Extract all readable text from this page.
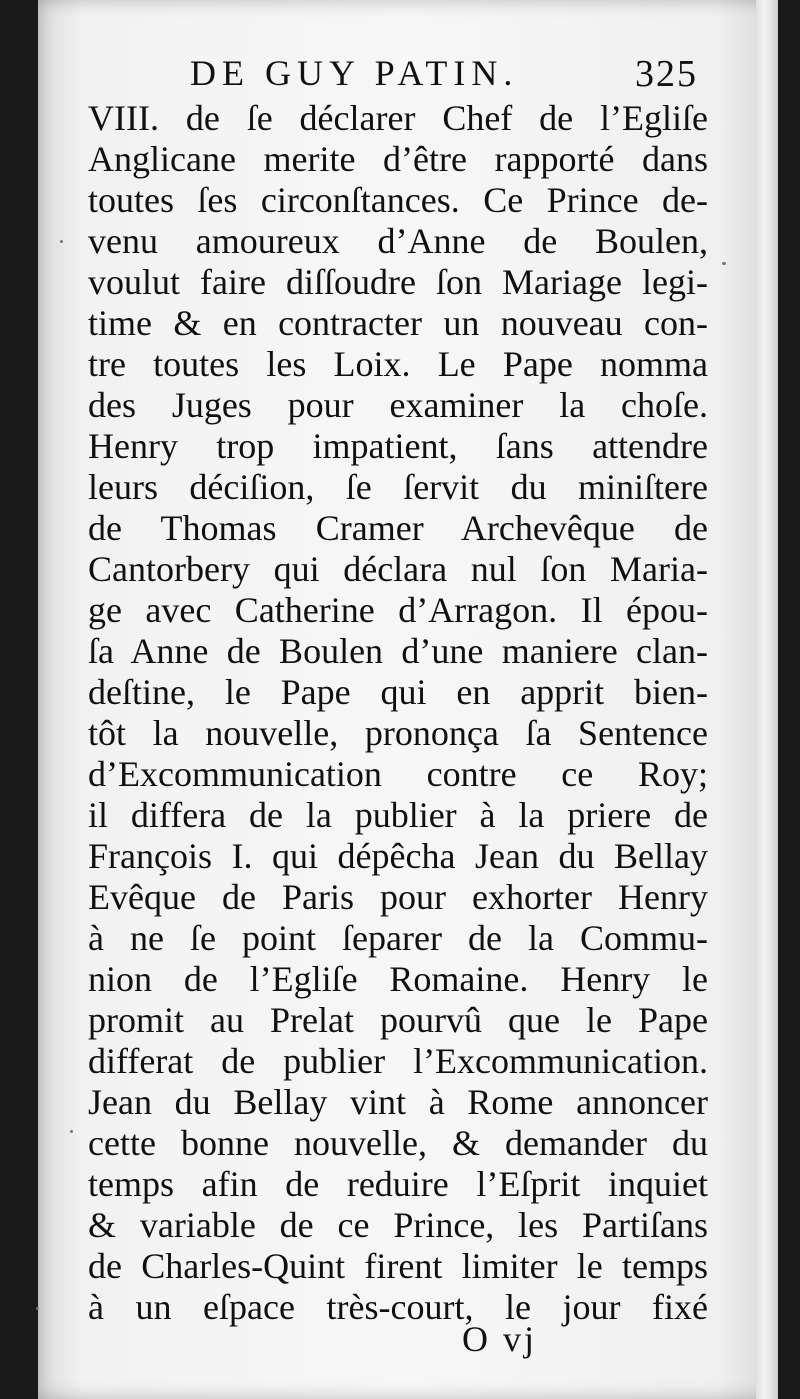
DE GUY PATIN.	325
VIII. de ſe déclarer Chef de l’Egliſe
Anglicane merite d’être rapporté dans
toutes ſes circonſtances. Ce Prince de-
venu amoureux d’Anne de Boulen,
voulut faire diſſoudre ſon Mariage legi-
time & en contracter un nouveau con-
tre toutes les Loix. Le Pape nomma
des Juges pour examiner la choſe.
Henry trop impatient, ſans attendre
leurs déciſion, ſe ſervit du miniſtere
de Thomas Cramer Archevêque de
Cantorbery qui déclara nul ſon Maria-
ge avec Catherine d’Arragon. Il épou-
ſa Anne de Boulen d’une maniere clan-
deſtine, le Pape qui en apprit bien-
tôt la nouvelle, prononça ſa Sentence
d’Excommunication contre ce Roy;
il differa de la publier à la priere de
François I. qui dépêcha Jean du Bellay
Evêque de Paris pour exhorter Henry
à ne ſe point ſeparer de la Commu-
nion de l’Egliſe Romaine. Henry le
promit au Prelat pourvû que le Pape
differat de publier l’Excommunication.
Jean du Bellay vint à Rome annoncer
cette bonne nouvelle, & demander du
temps afin de reduire l’Eſprit inquiet
& variable de ce Prince, les Partiſans
de Charles-Quint firent limiter le temps
à un eſpace très-court, le jour fixé
O vj
